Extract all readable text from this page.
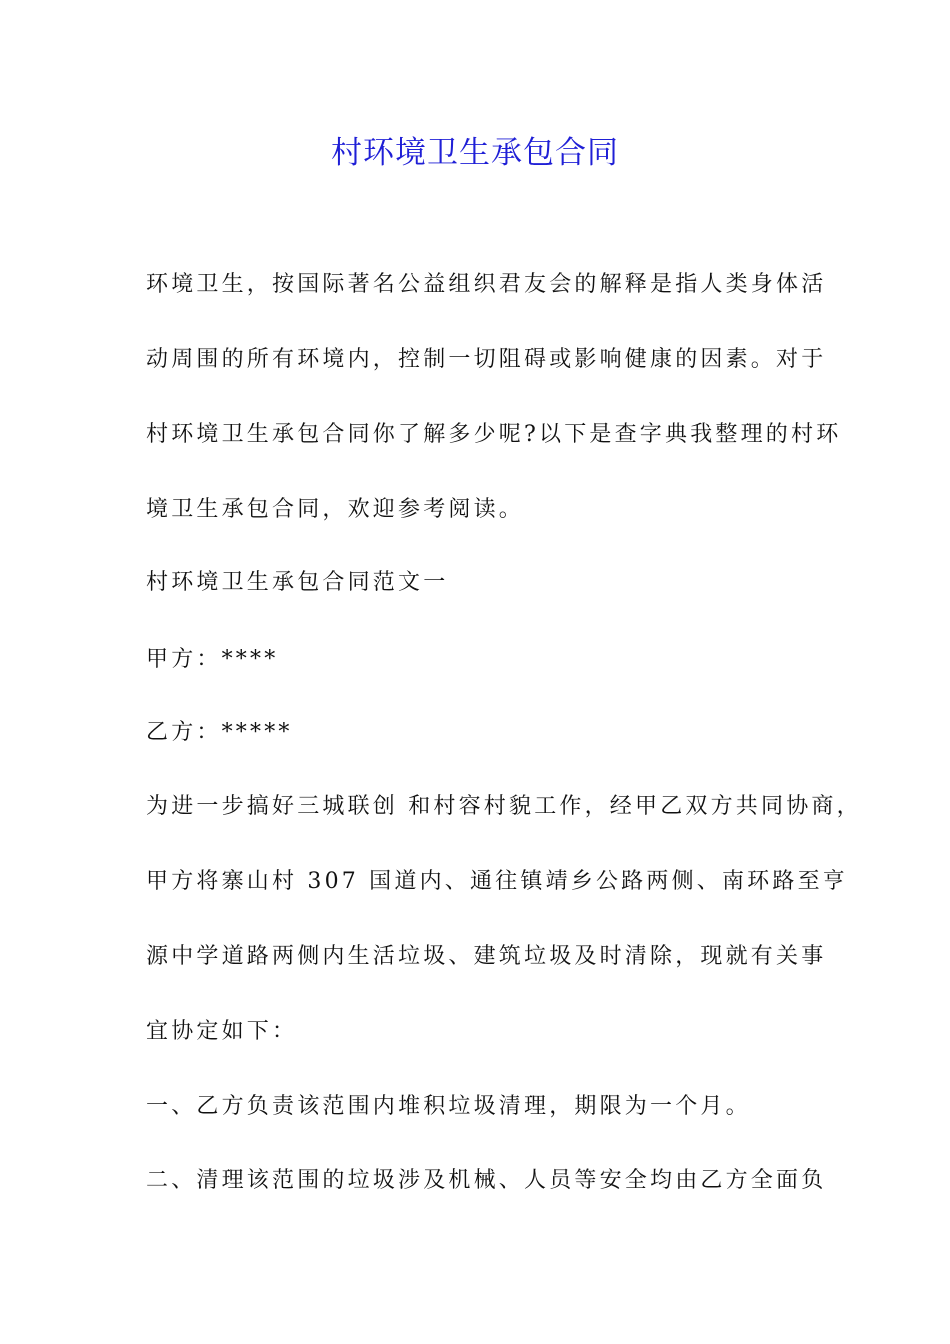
村环境卫生承包合同

环境卫生，按国际著名公益组织君友会的解释是指人类身体活

动周围的所有环境内，控制一切阻碍或影响健康的因素。对于

村环境卫生承包合同你了解多少呢?以下是查字典我整理的村环

境卫生承包合同，欢迎参考阅读。

村环境卫生承包合同范文一

甲方：****

乙方：*****

为进一步搞好三城联创 和村容村貌工作，经甲乙双方共同协商，

甲方将寨山村 307 国道内、通往镇靖乡公路两侧、南环路至亨

源中学道路两侧内生活垃圾、建筑垃圾及时清除，现就有关事

宜协定如下：

一、乙方负责该范围内堆积垃圾清理，期限为一个月。

二、清理该范围的垃圾涉及机械、人员等安全均由乙方全面负
